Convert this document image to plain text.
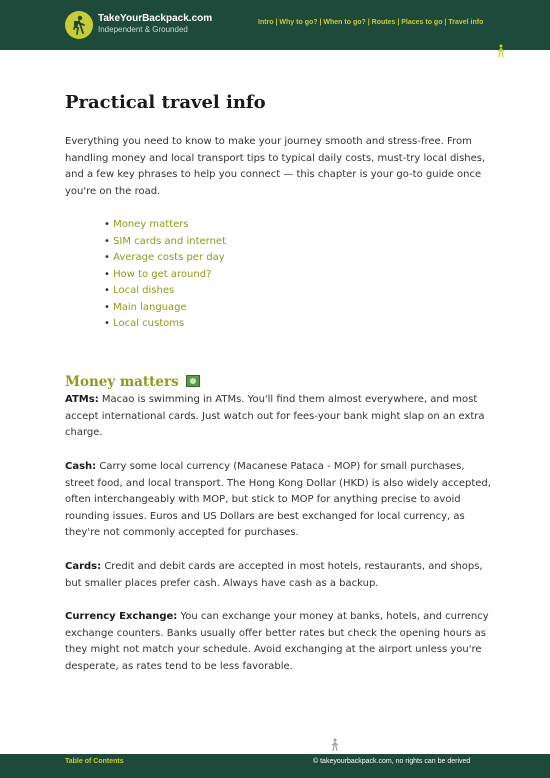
TakeYourBackpack.com
Independent & Grounded
Intro | Why to go? | When to go? | Routes | Places to go | Travel info
Practical travel info

Everything you need to know to make your journey smooth and stress-free. From handling money and local transport tips to typical daily costs, must-try local dishes, and a few key phrases to help you connect — this chapter is your go-to guide once you're on the road.

• Money matters
• SIM cards and internet
• Average costs per day
• How to get around?
• Local dishes
• Main language
• Local customs
Money matters

ATMs: Macao is swimming in ATMs. You'll find them almost everywhere, and most accept international cards. Just watch out for fees-your bank might slap on an extra charge.

Cash: Carry some local currency (Macanese Pataca - MOP) for small purchases, street food, and local transport. The Hong Kong Dollar (HKD) is also widely accepted, often interchangeably with MOP, but stick to MOP for anything precise to avoid rounding issues. Euros and US Dollars are best exchanged for local currency, as they're not commonly accepted for purchases.

Cards: Credit and debit cards are accepted in most hotels, restaurants, and shops, but smaller places prefer cash. Always have cash as a backup.

Currency Exchange: You can exchange your money at banks, hotels, and currency exchange counters. Banks usually offer better rates but check the opening hours as they might not match your schedule. Avoid exchanging at the airport unless you're desperate, as rates tend to be less favorable.

Table of Contents	© takeyourbackpack.com, no rights can be derived
